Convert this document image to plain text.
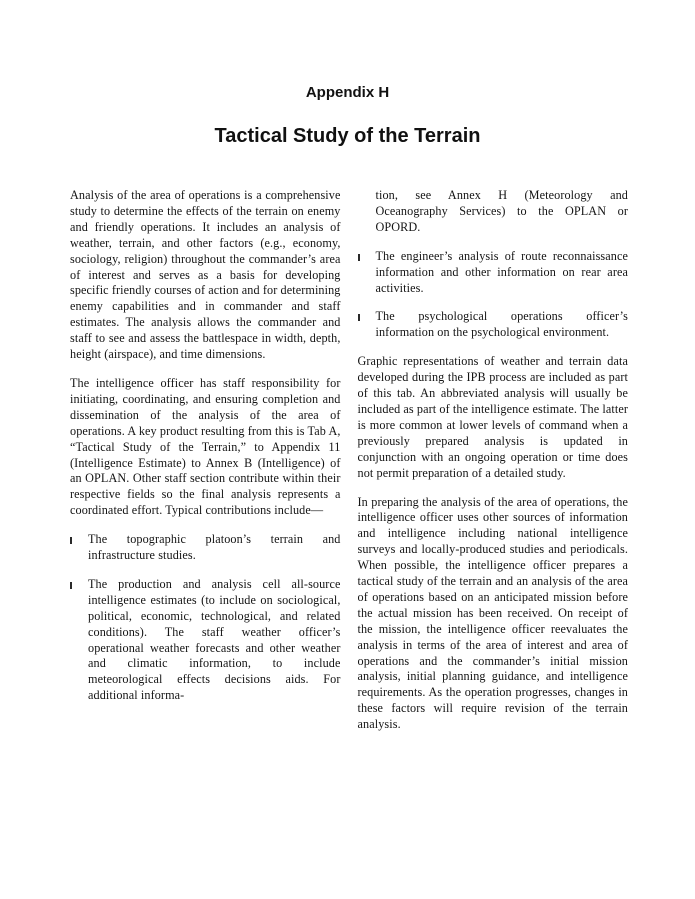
Appendix H
Tactical Study of the Terrain

Analysis of the area of operations is a comprehensive study to determine the effects of the terrain on enemy and friendly operations. It includes an analysis of weather, terrain, and other factors (e.g., economy, sociology, religion) throughout the commander’s area of interest and serves as a basis for developing specific friendly courses of action and for determining enemy capabilities and in commander and staff estimates. The analysis allows the commander and staff to see and assess the battlespace in width, depth, height (airspace), and time dimensions.

The intelligence officer has staff responsibility for initiating, coordinating, and ensuring completion and dissemination of the analysis of the area of operations. A key product resulting from this is Tab A, “Tactical Study of the Terrain,” to Appendix 11 (Intelligence Estimate) to Annex B (Intelligence) of an OPLAN. Other staff section contribute within their respective fields so the final analysis represents a coordinated effort. Typical contributions include—

The topographic platoon’s terrain and infrastructure studies.

The production and analysis cell all-source intelligence estimates (to include on sociological, political, economic, technological, and related conditions). The staff weather officer’s operational weather forecasts and other weather and climatic information, to include meteorological effects decisions aids. For additional informa-

tion, see Annex H (Meteorology and Oceanography Services) to the OPLAN or OPORD.

The engineer’s analysis of route reconnaissance information and other information on rear area activities.

The psychological operations officer’s information on the psychological environment.

Graphic representations of weather and terrain data developed during the IPB process are included as part of this tab. An abbreviated analysis will usually be included as part of the intelligence estimate. The latter is more common at lower levels of command when a previously prepared analysis is updated in conjunction with an ongoing operation or time does not permit preparation of a detailed study.

In preparing the analysis of the area of operations, the intelligence officer uses other sources of information and intelligence including national intelligence surveys and locally-produced studies and periodicals. When possible, the intelligence officer prepares a tactical study of the terrain and an analysis of the area of operations based on an anticipated mission before the actual mission has been received. On receipt of the mission, the intelligence officer reevaluates the analysis in terms of the area of interest and area of operations and the commander’s initial mission analysis, initial planning guidance, and intelligence requirements. As the operation progresses, changes in these factors will require revision of the terrain analysis.
